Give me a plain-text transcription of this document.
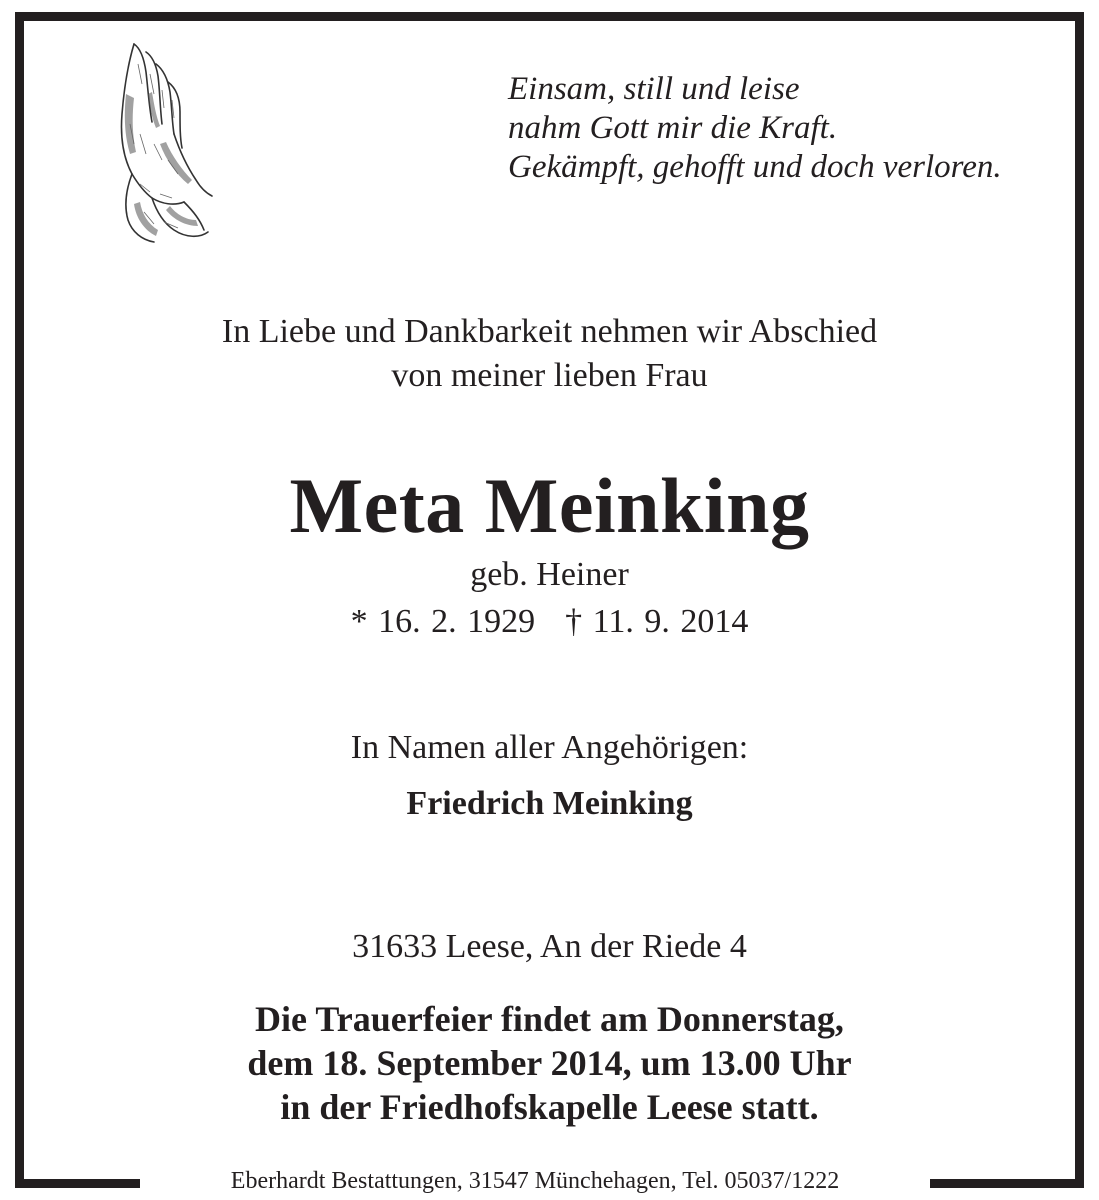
Einsam, still und leise
nahm Gott mir die Kraft.
Gekämpft, gehofft und doch verloren.
In Liebe und Dankbarkeit nehmen wir Abschied
von meiner lieben Frau
Meta Meinking
geb. Heiner
* 16. 2. 1929 † 11. 9. 2014
In Namen aller Angehörigen:
Friedrich Meinking
31633 Leese, An der Riede 4
Die Trauerfeier findet am Donnerstag,
dem 18. September 2014, um 13.00 Uhr
in der Friedhofskapelle Leese statt.
Eberhardt Bestattungen, 31547 Münchehagen, Tel. 05037/1222
